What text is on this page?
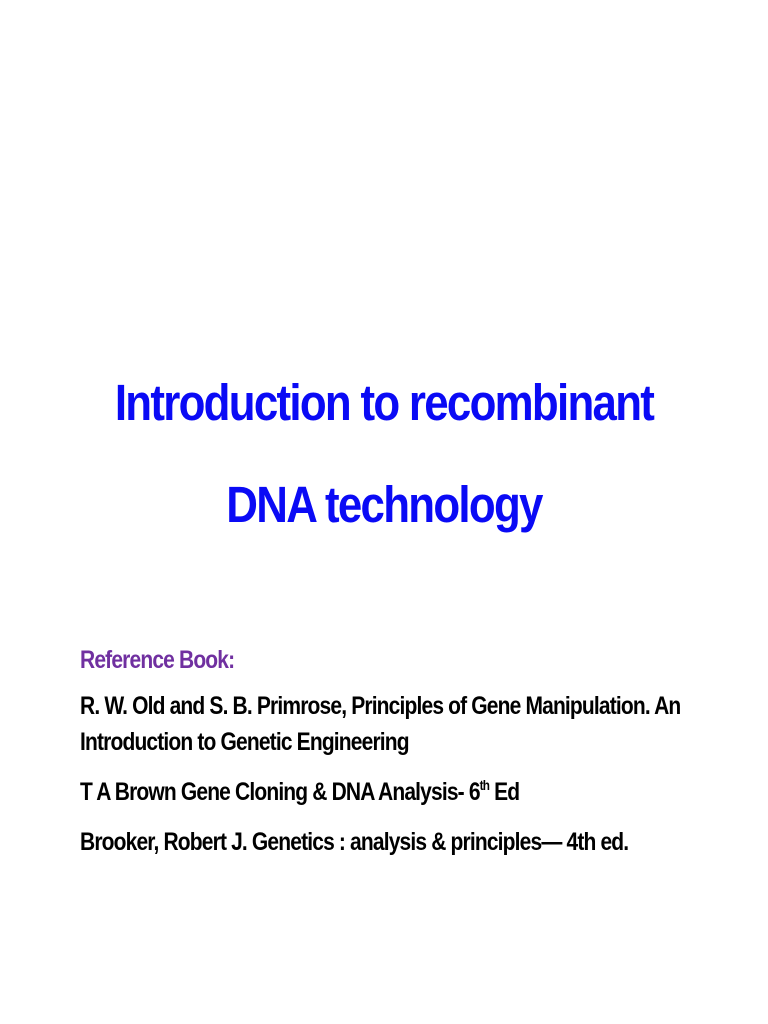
Introduction to recombinant
DNA technology
Reference Book:
R. W. Old and S. B. Primrose, Principles of Gene Manipulation. An
Introduction to Genetic Engineering
T A Brown Gene Cloning & DNA Analysis- 6th Ed
Brooker, Robert J. Genetics : analysis & principles— 4th ed.
